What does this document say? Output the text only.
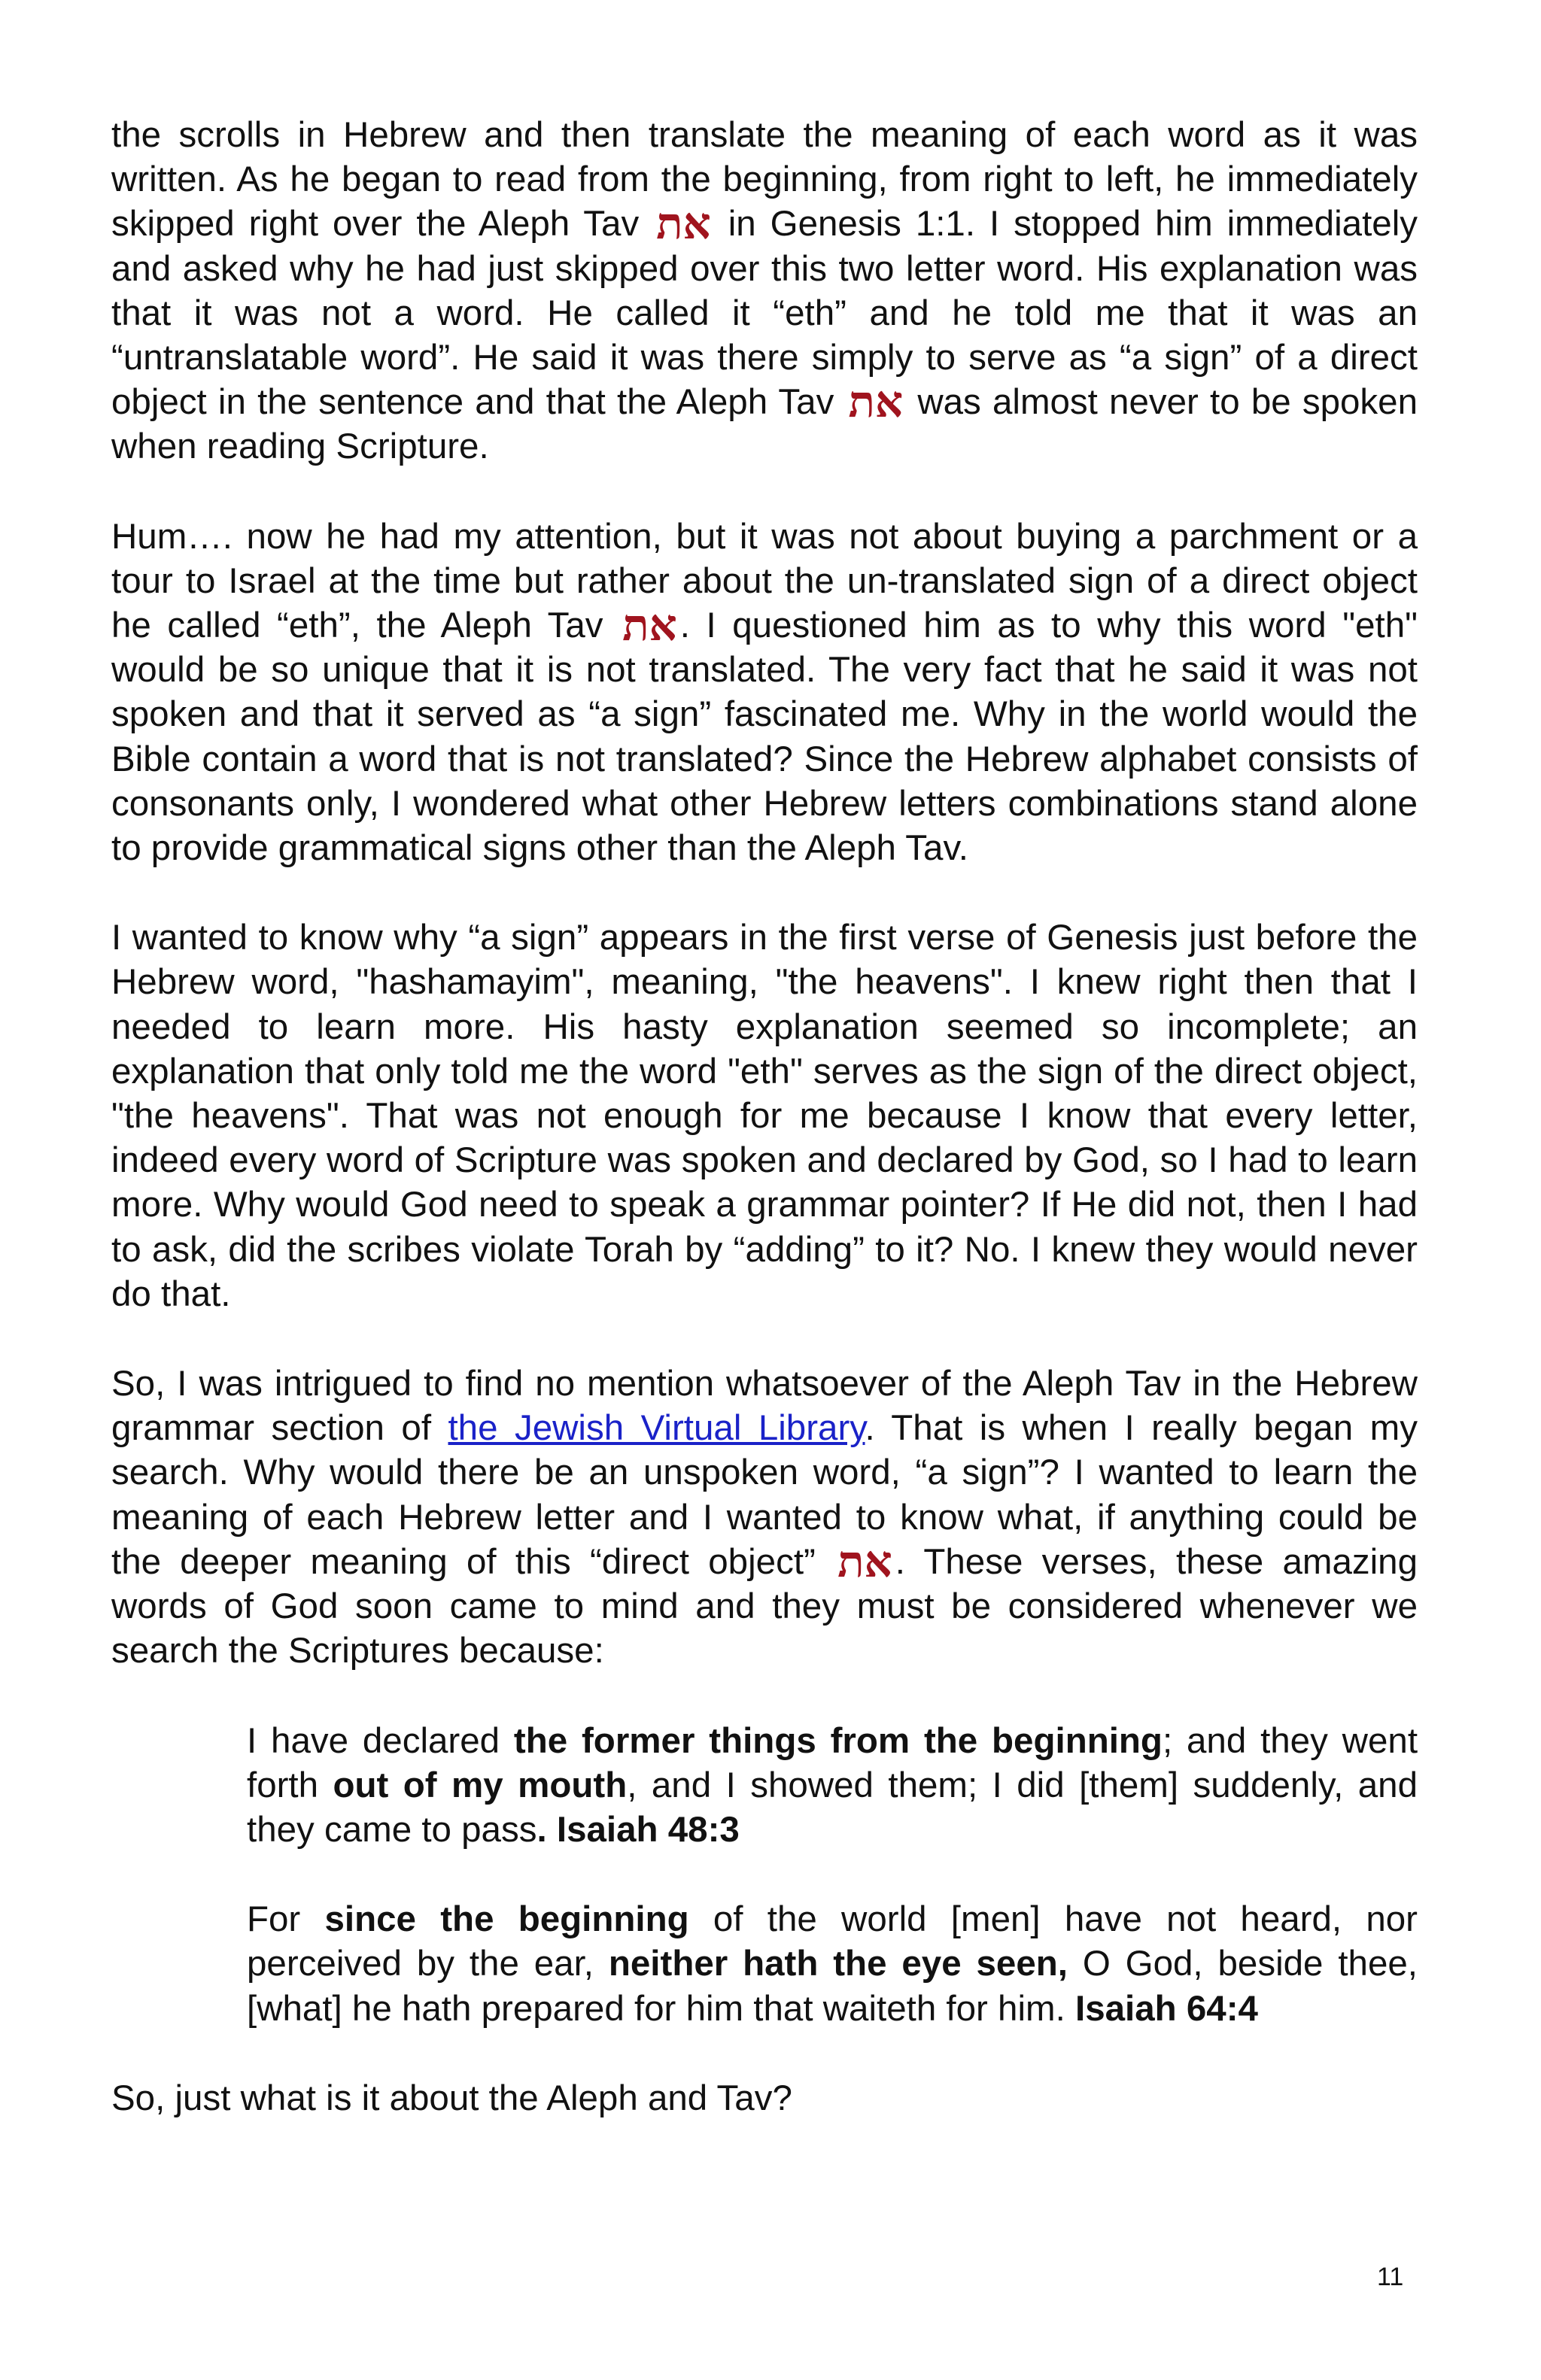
the scrolls in Hebrew and then translate the meaning of each word as it was written. As he began to read from the beginning, from right to left, he immediately skipped right over the Aleph Tav את in Genesis 1:1. I stopped him immediately and asked why he had just skipped over this two letter word. His explanation was that it was not a word. He called it “eth” and he told me that it was an “untranslatable word”. He said it was there simply to serve as “a sign” of a direct object in the sentence and that the Aleph Tav את was almost never to be spoken when reading Scripture.

Hum…. now he had my attention, but it was not about buying a parchment or a tour to Israel at the time but rather about the un-translated sign of a direct object he called “eth”, the Aleph Tav את. I questioned him as to why this word "eth" would be so unique that it is not translated. The very fact that he said it was not spoken and that it served as “a sign” fascinated me. Why in the world would the Bible contain a word that is not translated? Since the Hebrew alphabet consists of consonants only, I wondered what other Hebrew letters combinations stand alone to provide grammatical signs other than the Aleph Tav.

I wanted to know why “a sign” appears in the first verse of Genesis just before the Hebrew word, "hashamayim", meaning, "the heavens". I knew right then that I needed to learn more. His hasty explanation seemed so incomplete; an explanation that only told me the word "eth" serves as the sign of the direct object, "the heavens". That was not enough for me because I know that every letter, indeed every word of Scripture was spoken and declared by God, so I had to learn more. Why would God need to speak a grammar pointer? If He did not, then I had to ask, did the scribes violate Torah by “adding” to it? No. I knew they would never do that.

So, I was intrigued to find no mention whatsoever of the Aleph Tav in the Hebrew grammar section of the Jewish Virtual Library. That is when I really began my search. Why would there be an unspoken word, “a sign”? I wanted to learn the meaning of each Hebrew letter and I wanted to know what, if anything could be the deeper meaning of this “direct object” את. These verses, these amazing words of God soon came to mind and they must be considered whenever we search the Scriptures because:

I have declared the former things from the beginning; and they went forth out of my mouth, and I showed them; I did [them] suddenly, and they came to pass. Isaiah 48:3

For since the beginning of the world [men] have not heard, nor perceived by the ear, neither hath the eye seen, O God, beside thee, [what] he hath prepared for him that waiteth for him. Isaiah 64:4

So, just what is it about the Aleph and Tav?

11
